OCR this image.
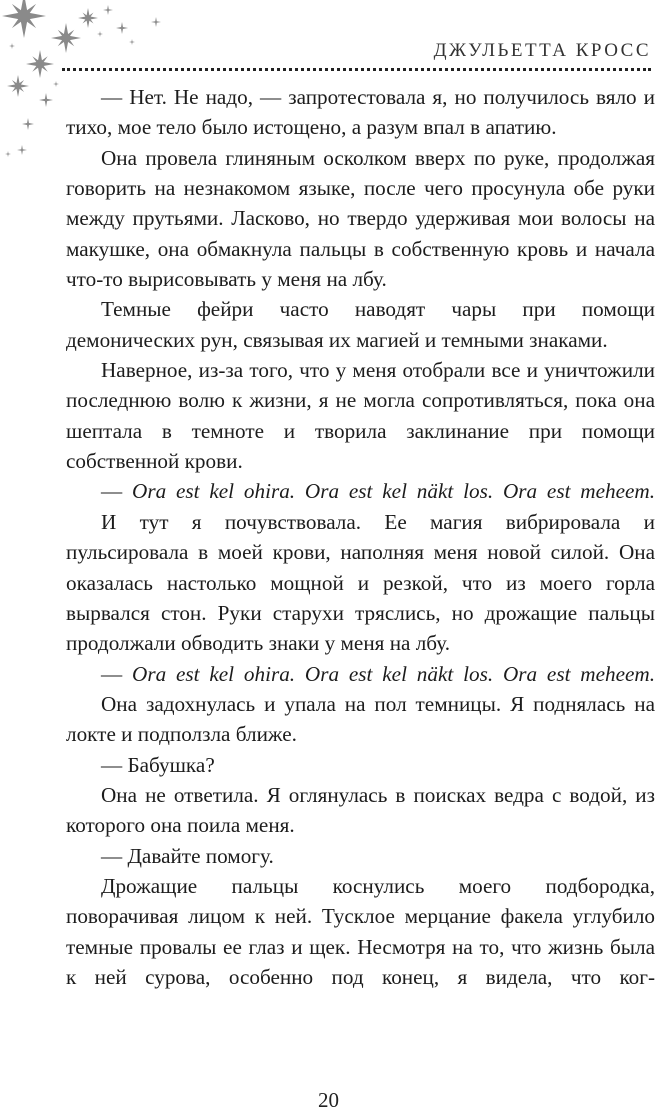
ДЖУЛЬЕТТА КРОСС

— Нет. Не надо, — запротестовала я, но получилось вяло и тихо, мое тело было истощено, а разум впал в апатию.

Она провела глиняным осколком вверх по руке, продолжая говорить на незнакомом языке, после чего просунула обе руки между прутьями. Ласково, но твердо удерживая мои волосы на макушке, она обмакнула пальцы в собственную кровь и начала что-то вырисовывать у меня на лбу.

Темные фейри часто наводят чары при помощи демонических рун, связывая их магией и темными знаками.

Наверное, из-за того, что у меня отобрали все и уничтожили последнюю волю к жизни, я не могла сопротивляться, пока она шептала в темноте и творила заклинание при помощи собственной крови.

— Ora est kel ohira. Ora est kel näkt los. Ora est meheem.

И тут я почувствовала. Ее магия вибрировала и пульсировала в моей крови, наполняя меня новой силой. Она оказалась настолько мощной и резкой, что из моего горла вырвался стон. Руки старухи тряслись, но дрожащие пальцы продолжали обводить знаки у меня на лбу.

— Ora est kel ohira. Ora est kel näkt los. Ora est meheem.

Она задохнулась и упала на пол темницы. Я поднялась на локте и подползла ближе.

— Бабушка?

Она не ответила. Я оглянулась в поисках ведра с водой, из которого она поила меня.

— Давайте помогу.

Дрожащие пальцы коснулись моего подбородка, поворачивая лицом к ней. Тусклое мерцание факела углубило темные провалы ее глаз и щек. Несмотря на то, что жизнь была к ней сурова, особенно под конец, я видела, что ког-

20
